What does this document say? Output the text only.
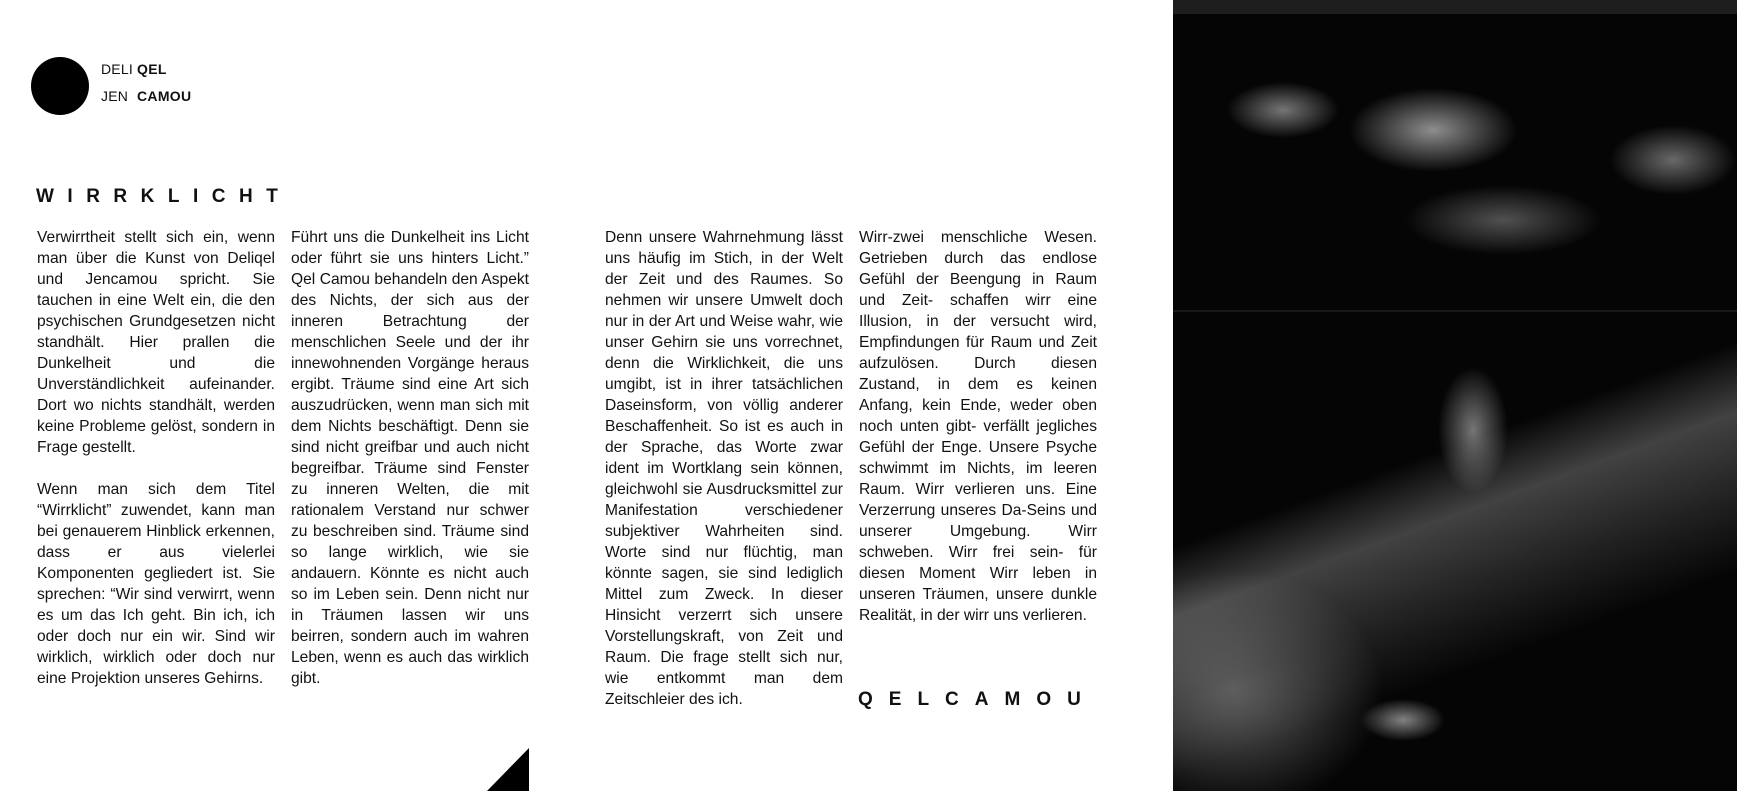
DELI QEL
JEN CAMOU
WIRRKLICHT

Verwirrtheit stellt sich ein, wenn man über die Kunst von Deliqel und Jencamou spricht. Sie tauchen in eine Welt ein, die den psychischen Grundgesetzen nicht standhält. Hier prallen die Dunkelheit und die Unverständlichkeit aufeinander. Dort wo nichts standhält, werden keine Probleme gelöst, sondern in Frage gestellt.

Wenn man sich dem Titel “Wirrklicht” zuwendet, kann man bei genauerem Hinblick erkennen, dass er aus vielerlei Komponenten gegliedert ist. Sie sprechen: “Wir sind verwirrt, wenn es um das Ich geht. Bin ich, ich oder doch nur ein wir. Sind wir wirklich, wirklich oder doch nur eine Projektion unseres Gehirns.

Führt uns die Dunkelheit ins Licht oder führt sie uns hinters Licht.” Qel Camou behandeln den Aspekt des Nichts, der sich aus der inneren Betrachtung der menschlichen Seele und der ihr innewohnenden Vorgänge heraus ergibt. Träume sind eine Art sich auszudrücken, wenn man sich mit dem Nichts beschäftigt. Denn sie sind nicht greifbar und auch nicht begreifbar. Träume sind Fenster zu inneren Welten, die mit rationalem Verstand nur schwer zu beschreiben sind. Träume sind so lange wirklich, wie sie andauern. Könnte es nicht auch so im Leben sein. Denn nicht nur in Träumen lassen wir uns beirren, sondern auch im wahren Leben, wenn es auch das wirklich gibt.

Denn unsere Wahrnehmung lässt uns häufig im Stich, in der Welt der Zeit und des Raumes. So nehmen wir unsere Umwelt doch nur in der Art und Weise wahr, wie unser Gehirn sie uns vorrechnet, denn die Wirklichkeit, die uns umgibt, ist in ihrer tatsächlichen Daseinsform, von völlig anderer Beschaffenheit. So ist es auch in der Sprache, das Worte zwar ident im Wortklang sein können, gleichwohl sie Ausdrucksmittel zur Manifestation verschiedener subjektiver Wahrheiten sind. Worte sind nur flüchtig, man könnte sagen, sie sind lediglich Mittel zum Zweck. In dieser Hinsicht verzerrt sich unsere Vorstellungskraft, von Zeit und Raum. Die frage stellt sich nur, wie entkommt man dem Zeitschleier des ich.

Wirr-zwei menschliche Wesen. Getrieben durch das endlose Gefühl der Beengung in Raum und Zeit- schaffen wirr eine Illusion, in der versucht wird, Empfindungen für Raum und Zeit aufzulösen. Durch diesen Zustand, in dem es keinen Anfang, kein Ende, weder oben noch unten gibt- verfällt jegliches Gefühl der Enge. Unsere Psyche schwimmt im Nichts, im leeren Raum. Wirr verlieren uns. Eine Verzerrung unseres Da-Seins und unserer Umgebung. Wirr schweben. Wirr frei sein- für diesen Moment Wirr leben in unseren Träumen, unsere dunkle Realität, in der wirr uns verlieren.

QELCAMOU
